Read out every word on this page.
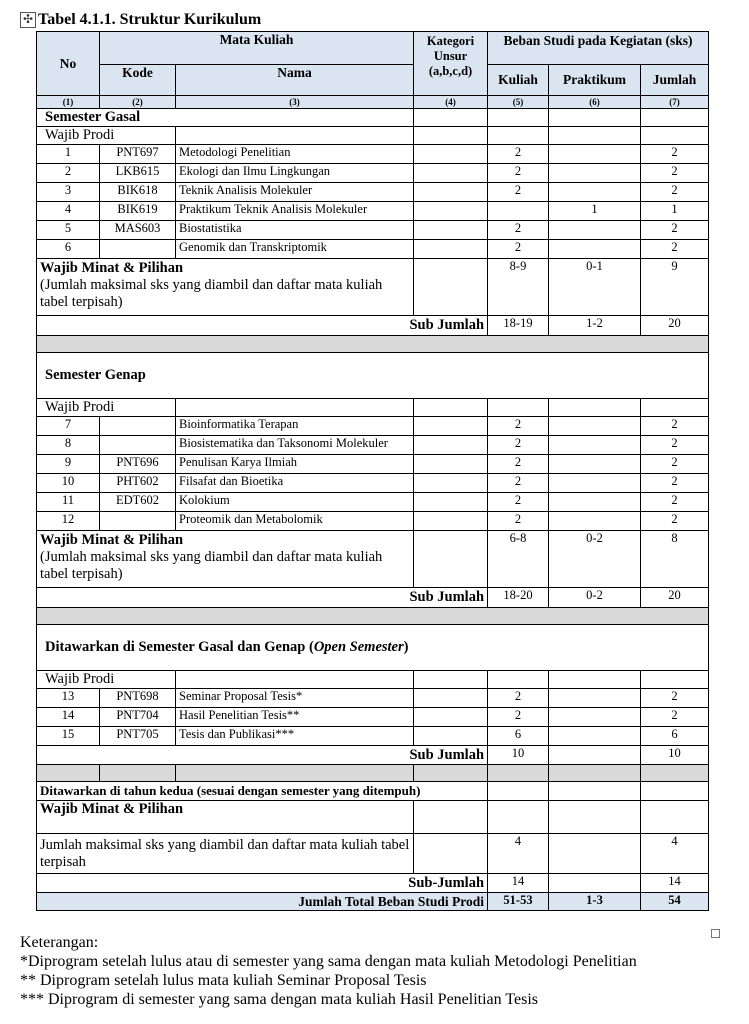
✣ Tabel 4.1.1. Struktur Kurikulum
No	Mata Kuliah		Kategori Unsur (a,b,c,d)	Beban Studi pada Kegiatan (sks)		
	Kode	Nama		Kuliah	Praktikum	Jumlah
(1)	(2)	(3)	(4)	(5)	(6)	(7)
Semester Gasal						
Wajib Prodi						
1	PNT697	Metodologi Penelitian		2		2
2	LKB615	Ekologi dan Ilmu Lingkungan		2		2
3	BIK618	Teknik Analisis Molekuler		2		2
4	BIK619	Praktikum Teknik Analisis Molekuler			1	1
5	MAS603	Biostatistika		2		2
6		Genomik dan Transkriptomik		2		2

Wajib Minat & Pilihan
(Jumlah maksimal sks yang diambil dan daftar mata kuliah tabel terpisah)				8-9	0-1	9
Sub Jumlah				18-19	1-2	20

Semester Genap						
Wajib Prodi						
7		Bioinformatika Terapan		2		2
8		Biosistematika dan Taksonomi Molekuler		2		2
9	PNT696	Penulisan Karya Ilmiah		2		2
10	PHT602	Filsafat dan Bioetika		2		2
11	EDT602	Kolokium		2		2
12		Proteomik dan Metabolomik		2		2

Wajib Minat & Pilihan
(Jumlah maksimal sks yang diambil dan daftar mata kuliah tabel terpisah)				6-8	0-2	8
Sub Jumlah				18-20	0-2	20

Ditawarkan di Semester Gasal dan Genap (Open Semester)						
Wajib Prodi						
13	PNT698	Seminar Proposal Tesis*		2		2
14	PNT704	Hasil Penelitian Tesis**		2		2
15	PNT705	Tesis dan Publikasi***		6		6
Sub Jumlah				10		10

Ditawarkan di tahun kedua (sesuai dengan semester yang ditempuh)						
Wajib Minat & Pilihan						
Jumlah maksimal sks yang diambil dan daftar mata kuliah tabel terpisah				4		4
Sub-Jumlah				14		14
Jumlah Total Beban Studi Prodi				51-53	1-3	54
Keterangan:
*Diprogram setelah lulus atau di semester yang sama dengan mata kuliah Metodologi Penelitian
** Diprogram setelah lulus mata kuliah Seminar Proposal Tesis
*** Diprogram di semester yang sama dengan mata kuliah Hasil Penelitian Tesis
